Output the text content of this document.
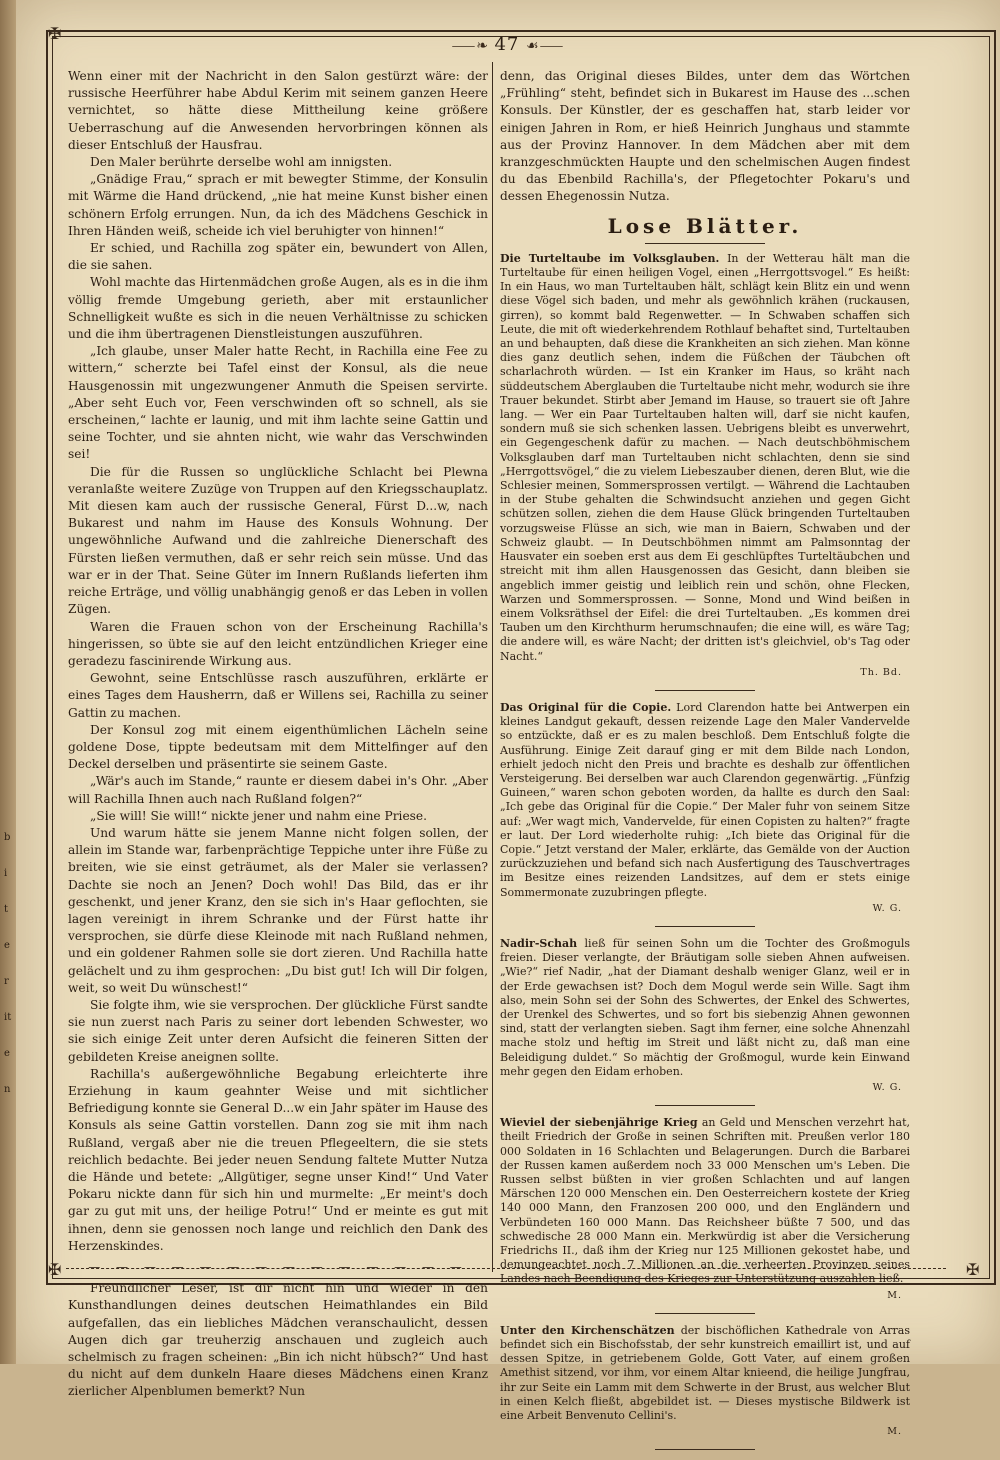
⸺❧ 47 ☙⸺
✠
✠	✠

Wenn einer mit der Nachricht in den Salon gestürzt wäre: der russische Heerführer habe Abdul Kerim mit seinem ganzen Heere vernichtet, so hätte diese Mittheilung keine größere Ueberraschung auf die Anwesenden hervorbringen können als dieser Entschluß der Hausfrau.

Den Maler berührte derselbe wohl am innigsten.

„Gnädige Frau,“ sprach er mit bewegter Stimme, der Konsulin mit Wärme die Hand drückend, „nie hat meine Kunst bisher einen schönern Erfolg errungen. Nun, da ich des Mädchens Geschick in Ihren Händen weiß, scheide ich viel beruhigter von hinnen!“

Er schied, und Rachilla zog später ein, bewundert von Allen, die sie sahen.

Wohl machte das Hirtenmädchen große Augen, als es in die ihm völlig fremde Umgebung gerieth, aber mit erstaunlicher Schnelligkeit wußte es sich in die neuen Verhältnisse zu schicken und die ihm übertragenen Dienstleistungen auszuführen.

„Ich glaube, unser Maler hatte Recht, in Rachilla eine Fee zu wittern,“ scherzte bei Tafel einst der Konsul, als die neue Hausgenossin mit ungezwungener Anmuth die Speisen servirte. „Aber seht Euch vor, Feen verschwinden oft so schnell, als sie erscheinen,“ lachte er launig, und mit ihm lachte seine Gattin und seine Tochter, und sie ahnten nicht, wie wahr das Verschwinden sei!

Die für die Russen so unglückliche Schlacht bei Plewna veranlaßte weitere Zuzüge von Truppen auf den Kriegsschauplatz. Mit diesen kam auch der russische General, Fürst D...w, nach Bukarest und nahm im Hause des Konsuls Wohnung. Der ungewöhnliche Aufwand und die zahlreiche Dienerschaft des Fürsten ließen vermuthen, daß er sehr reich sein müsse. Und das war er in der That. Seine Güter im Innern Rußlands lieferten ihm reiche Erträge, und völlig unabhängig genoß er das Leben in vollen Zügen.

Waren die Frauen schon von der Erscheinung Rachilla's hingerissen, so übte sie auf den leicht entzündlichen Krieger eine geradezu fascinirende Wirkung aus.

Gewohnt, seine Entschlüsse rasch auszuführen, erklärte er eines Tages dem Hausherrn, daß er Willens sei, Rachilla zu seiner Gattin zu machen.

Der Konsul zog mit einem eigenthümlichen Lächeln seine goldene Dose, tippte bedeutsam mit dem Mittelfinger auf den Deckel derselben und präsentirte sie seinem Gaste.

„Wär's auch im Stande,“ raunte er diesem dabei in's Ohr. „Aber will Rachilla Ihnen auch nach Rußland folgen?“

„Sie will! Sie will!“ nickte jener und nahm eine Priese.

Und warum hätte sie jenem Manne nicht folgen sollen, der allein im Stande war, farbenprächtige Teppiche unter ihre Füße zu breiten, wie sie einst geträumet, als der Maler sie verlassen? Dachte sie noch an Jenen? Doch wohl! Das Bild, das er ihr geschenkt, und jener Kranz, den sie sich in's Haar geflochten, sie lagen vereinigt in ihrem Schranke und der Fürst hatte ihr versprochen, sie dürfe diese Kleinode mit nach Rußland nehmen, und ein goldener Rahmen solle sie dort zieren. Und Rachilla hatte gelächelt und zu ihm gesprochen: „Du bist gut! Ich will Dir folgen, weit, so weit Du wünschest!“

Sie folgte ihm, wie sie versprochen. Der glückliche Fürst sandte sie nun zuerst nach Paris zu seiner dort lebenden Schwester, wo sie sich einige Zeit unter deren Aufsicht die feineren Sitten der gebildeten Kreise aneignen sollte.

Rachilla's außergewöhnliche Begabung erleichterte ihre Erziehung in kaum geahnter Weise und mit sichtlicher Befriedigung konnte sie General D...w ein Jahr später im Hause des Konsuls als seine Gattin vorstellen. Dann zog sie mit ihm nach Rußland, vergaß aber nie die treuen Pflegeeltern, die sie stets reichlich bedachte. Bei jeder neuen Sendung faltete Mutter Nutza die Hände und betete: „Allgütiger, segne unser Kind!“ Und Vater Pokaru nickte dann für sich hin und murmelte: „Er meint's doch gar zu gut mit uns, der heilige Potru!“ Und er meinte es gut mit ihnen, denn sie genossen noch lange und reichlich den Dank des Herzenskindes.

— — — — — — — — — — — — — —

Freundlicher Leser, ist dir nicht hin und wieder in den Kunsthandlungen deines deutschen Heimathlandes ein Bild aufgefallen, das ein liebliches Mädchen veranschaulicht, dessen Augen dich gar treuherzig anschauen und zugleich auch schelmisch zu fragen scheinen: „Bin ich nicht hübsch?“ Und hast du nicht auf dem dunkeln Haare dieses Mädchens einen Kranz zierlicher Alpenblumen bemerkt? Nun

denn, das Original dieses Bildes, unter dem das Wörtchen „Frühling“ steht, befindet sich in Bukarest im Hause des ...schen Konsuls. Der Künstler, der es geschaffen hat, starb leider vor einigen Jahren in Rom, er hieß Heinrich Junghaus und stammte aus der Provinz Hannover. In dem Mädchen aber mit dem kranzgeschmückten Haupte und den schelmischen Augen findest du das Ebenbild Rachilla's, der Pflegetochter Pokaru's und dessen Ehegenossin Nutza.

Lose Blätter.

Die Turteltaube im Volksglauben. In der Wetterau hält man die Turteltaube für einen heiligen Vogel, einen „Herrgottsvogel.“ Es heißt: In ein Haus, wo man Turteltauben hält, schlägt kein Blitz ein und wenn diese Vögel sich baden, und mehr als gewöhnlich krähen (ruckausen, girren), so kommt bald Regenwetter. — In Schwaben schaffen sich Leute, die mit oft wiederkehrendem Rothlauf behaftet sind, Turteltauben an und behaupten, daß diese die Krankheiten an sich ziehen. Man könne dies ganz deutlich sehen, indem die Füßchen der Täubchen oft scharlachroth würden. — Ist ein Kranker im Haus, so kräht nach süddeutschem Aberglauben die Turteltaube nicht mehr, wodurch sie ihre Trauer bekundet. Stirbt aber Jemand im Hause, so trauert sie oft Jahre lang. — Wer ein Paar Turteltauben halten will, darf sie nicht kaufen, sondern muß sie sich schenken lassen. Uebrigens bleibt es unverwehrt, ein Gegengeschenk dafür zu machen. — Nach deutschböhmischem Volksglauben darf man Turteltauben nicht schlachten, denn sie sind „Herrgottsvögel,“ die zu vielem Liebeszauber dienen, deren Blut, wie die Schlesier meinen, Sommersprossen vertilgt. — Während die Lachtauben in der Stube gehalten die Schwindsucht anziehen und gegen Gicht schützen sollen, ziehen die dem Hause Glück bringenden Turteltauben vorzugsweise Flüsse an sich, wie man in Baiern, Schwaben und der Schweiz glaubt. — In Deutschböhmen nimmt am Palmsonntag der Hausvater ein soeben erst aus dem Ei geschlüpftes Turteltäubchen und streicht mit ihm allen Hausgenossen das Gesicht, dann bleiben sie angeblich immer geistig und leiblich rein und schön, ohne Flecken, Warzen und Sommersprossen. — Sonne, Mond und Wind beißen in einem Volksräthsel der Eifel: die drei Turteltauben. „Es kommen drei Tauben um den Kirchthurm herumschnaufen; die eine will, es wäre Tag; die andere will, es wäre Nacht; der dritten ist's gleichviel, ob's Tag oder Nacht.“

Th. Bd.

Das Original für die Copie. Lord Clarendon hatte bei Antwerpen ein kleines Landgut gekauft, dessen reizende Lage den Maler Vandervelde so entzückte, daß er es zu malen beschloß. Dem Entschluß folgte die Ausführung. Einige Zeit darauf ging er mit dem Bilde nach London, erhielt jedoch nicht den Preis und brachte es deshalb zur öffentlichen Versteigerung. Bei derselben war auch Clarendon gegenwärtig. „Fünfzig Guineen,“ waren schon geboten worden, da hallte es durch den Saal: „Ich gebe das Original für die Copie.“ Der Maler fuhr von seinem Sitze auf: „Wer wagt mich, Vandervelde, für einen Copisten zu halten?“ fragte er laut. Der Lord wiederholte ruhig: „Ich biete das Original für die Copie.“ Jetzt verstand der Maler, erklärte, das Gemälde von der Auction zurückzuziehen und befand sich nach Ausfertigung des Tauschvertrages im Besitze eines reizenden Landsitzes, auf dem er stets einige Sommermonate zuzubringen pflegte.

W. G.

Nadir-Schah ließ für seinen Sohn um die Tochter des Großmoguls freien. Dieser verlangte, der Bräutigam solle sieben Ahnen aufweisen. „Wie?“ rief Nadir, „hat der Diamant deshalb weniger Glanz, weil er in der Erde gewachsen ist? Doch dem Mogul werde sein Wille. Sagt ihm also, mein Sohn sei der Sohn des Schwertes, der Enkel des Schwertes, der Urenkel des Schwertes, und so fort bis siebenzig Ahnen gewonnen sind, statt der verlangten sieben. Sagt ihm ferner, eine solche Ahnenzahl mache stolz und heftig im Streit und läßt nicht zu, daß man eine Beleidigung duldet.“ So mächtig der Großmogul, wurde kein Einwand mehr gegen den Eidam erhoben.

W. G.

Wieviel der siebenjährige Krieg an Geld und Menschen verzehrt hat, theilt Friedrich der Große in seinen Schriften mit. Preußen verlor 180 000 Soldaten in 16 Schlachten und Belagerungen. Durch die Barbarei der Russen kamen außerdem noch 33 000 Menschen um's Leben. Die Russen selbst büßten in vier großen Schlachten und auf langen Märschen 120 000 Menschen ein. Den Oesterreichern kostete der Krieg 140 000 Mann, den Franzosen 200 000, und den Engländern und Verbündeten 160 000 Mann. Das Reichsheer büßte 7 500, und das schwedische 28 000 Mann ein. Merkwürdig ist aber die Versicherung Friedrichs II., daß ihm der Krieg nur 125 Millionen gekostet habe, und demungeachtet noch 7 Millionen an die verheerten Provinzen seines Landes nach Beendigung des Krieges zur Unterstützung auszahlen ließ.

M.

Unter den Kirchenschätzen der bischöflichen Kathedrale von Arras befindet sich ein Bischofsstab, der sehr kunstreich emaillirt ist, und auf dessen Spitze, in getriebenem Golde, Gott Vater, auf einem großen Amethist sitzend, vor ihm, vor einem Altar knieend, die heilige Jungfrau, ihr zur Seite ein Lamm mit dem Schwerte in der Brust, aus welcher Blut in einen Kelch fließt, abgebildet ist. — Dieses mystische Bildwerk ist eine Arbeit Benvenuto Cellini's.

M.
b
i
t
e
r
it
e
n
